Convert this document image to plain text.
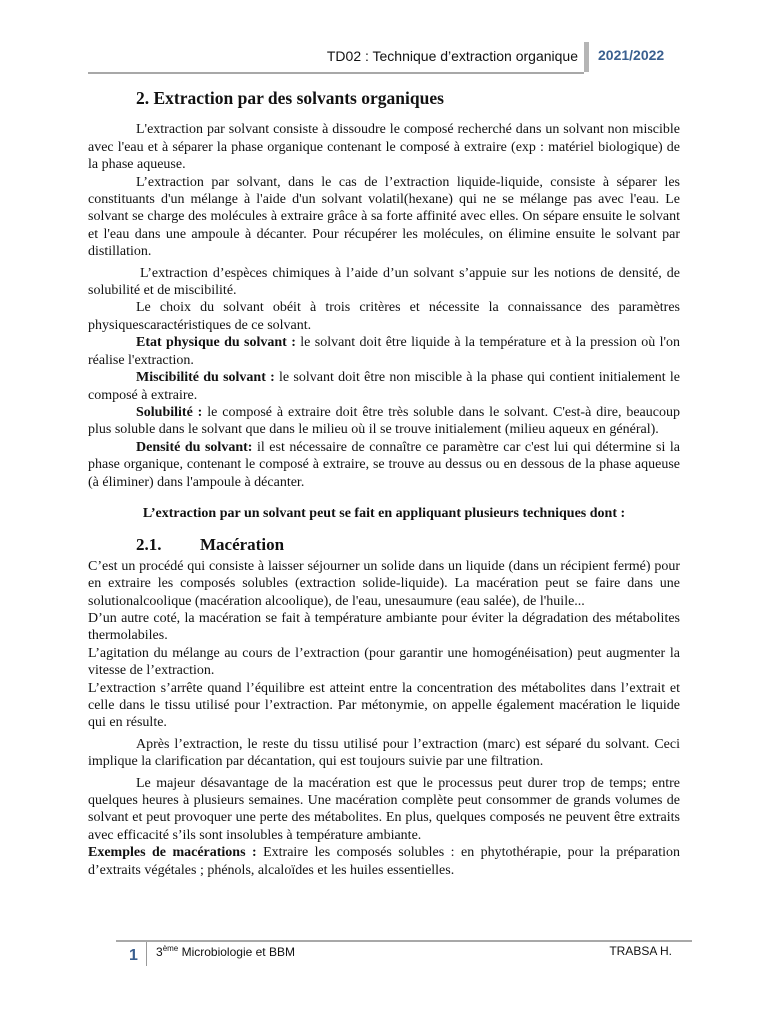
TD02 : Technique d’extraction organique 2021/2022
2. Extraction par des solvants organiques

L'extraction par solvant consiste à dissoudre le composé recherché dans un solvant non miscible avec l'eau et à séparer la phase organique contenant le composé à extraire (exp : matériel biologique) de la phase aqueuse.

L’extraction par solvant, dans le cas de l’extraction liquide-liquide, consiste à séparer les constituants d'un mélange à l'aide d'un solvant volatil(hexane) qui ne se mélange pas avec l'eau. Le solvant se charge des molécules à extraire grâce à sa forte affinité avec elles. On sépare ensuite le solvant et l'eau dans une ampoule à décanter. Pour récupérer les molécules, on élimine ensuite le solvant par distillation.

L’extraction d’espèces chimiques à l’aide d’un solvant s’appuie sur les notions de densité, de solubilité et de miscibilité.

Le choix du solvant obéit à trois critères et nécessite la connaissance des paramètres physiquescaractéristiques de ce solvant.

Etat physique du solvant : le solvant doit être liquide à la température et à la pression où l'on réalise l'extraction.

Miscibilité du solvant : le solvant doit être non miscible à la phase qui contient initialement le composé à extraire.

Solubilité : le composé à extraire doit être très soluble dans le solvant. C'est-à dire, beaucoup plus soluble dans le solvant que dans le milieu où il se trouve initialement (milieu aqueux en général).

Densité du solvant: il est nécessaire de connaître ce paramètre car c'est lui qui détermine si la phase organique, contenant le composé à extraire, se trouve au dessus ou en dessous de la phase aqueuse (à éliminer) dans l'ampoule à décanter.

L’extraction par un solvant peut se fait en appliquant plusieurs techniques dont :

2.1. Macération

C’est un procédé qui consiste à laisser séjourner un solide dans un liquide (dans un récipient fermé) pour en extraire les composés solubles (extraction solide-liquide). La macération peut se faire dans une solutionalcoolique (macération alcoolique), de l'eau, unesaumure (eau salée), de l'huile...

D’un autre coté, la macération se fait à température ambiante pour éviter la dégradation des métabolites thermolabiles.

L’agitation du mélange au cours de l’extraction (pour garantir une homogénéisation) peut augmenter la vitesse de l’extraction.

L’extraction s’arrête quand l’équilibre est atteint entre la concentration des métabolites dans l’extrait et celle dans le tissu utilisé pour l’extraction. Par métonymie, on appelle également macération le liquide qui en résulte.

Après l’extraction, le reste du tissu utilisé pour l’extraction (marc) est séparé du solvant. Ceci implique la clarification par décantation, qui est toujours suivie par une filtration.

Le majeur désavantage de la macération est que le processus peut durer trop de temps; entre quelques heures à plusieurs semaines. Une macération complète peut consommer de grands volumes de solvant et peut provoquer une perte des métabolites. En plus, quelques composés ne peuvent être extraits avec efficacité s’ils sont insolubles à température ambiante.

Exemples de macérations : Extraire les composés solubles : en phytothérapie, pour la préparation d’extraits végétales ; phénols, alcaloïdes et les huiles essentielles.

1 3ème Microbiologie et BBM	TRABSA H.
